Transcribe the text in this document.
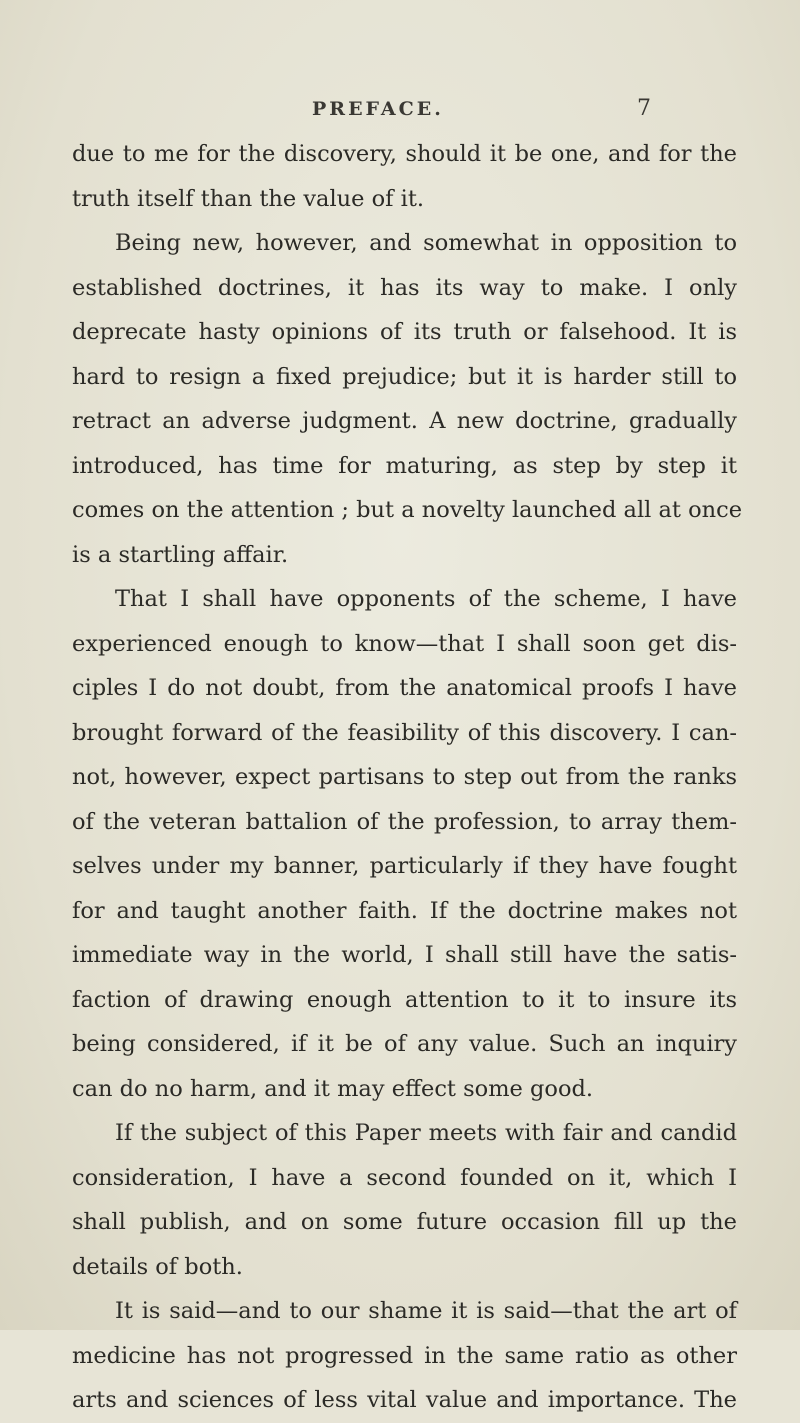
PREFACE.	7
due to me for the discovery, should it be one, and for the
truth itself than the value of it.
Being new, however, and somewhat in opposition to
established doctrines, it has its way to make. I only
deprecate hasty opinions of its truth or falsehood. It is
hard to resign a fixed prejudice; but it is harder still to
retract an adverse judgment. A new doctrine, gradually
introduced, has time for maturing, as step by step it
comes on the attention ; but a novelty launched all at once
is a startling affair.
That I shall have opponents of the scheme, I have
experienced enough to know—that I shall soon get dis-
ciples I do not doubt, from the anatomical proofs I have
brought forward of the feasibility of this discovery. I can-
not, however, expect partisans to step out from the ranks
of the veteran battalion of the profession, to array them-
selves under my banner, particularly if they have fought
for and taught another faith. If the doctrine makes not
immediate way in the world, I shall still have the satis-
faction of drawing enough attention to it to insure its
being considered, if it be of any value. Such an inquiry
can do no harm, and it may effect some good.
If the subject of this Paper meets with fair and candid
consideration, I have a second founded on it, which I
shall publish, and on some future occasion fill up the
details of both.
It is said—and to our shame it is said—that the art of
medicine has not progressed in the same ratio as other
arts and sciences of less vital value and importance. The
